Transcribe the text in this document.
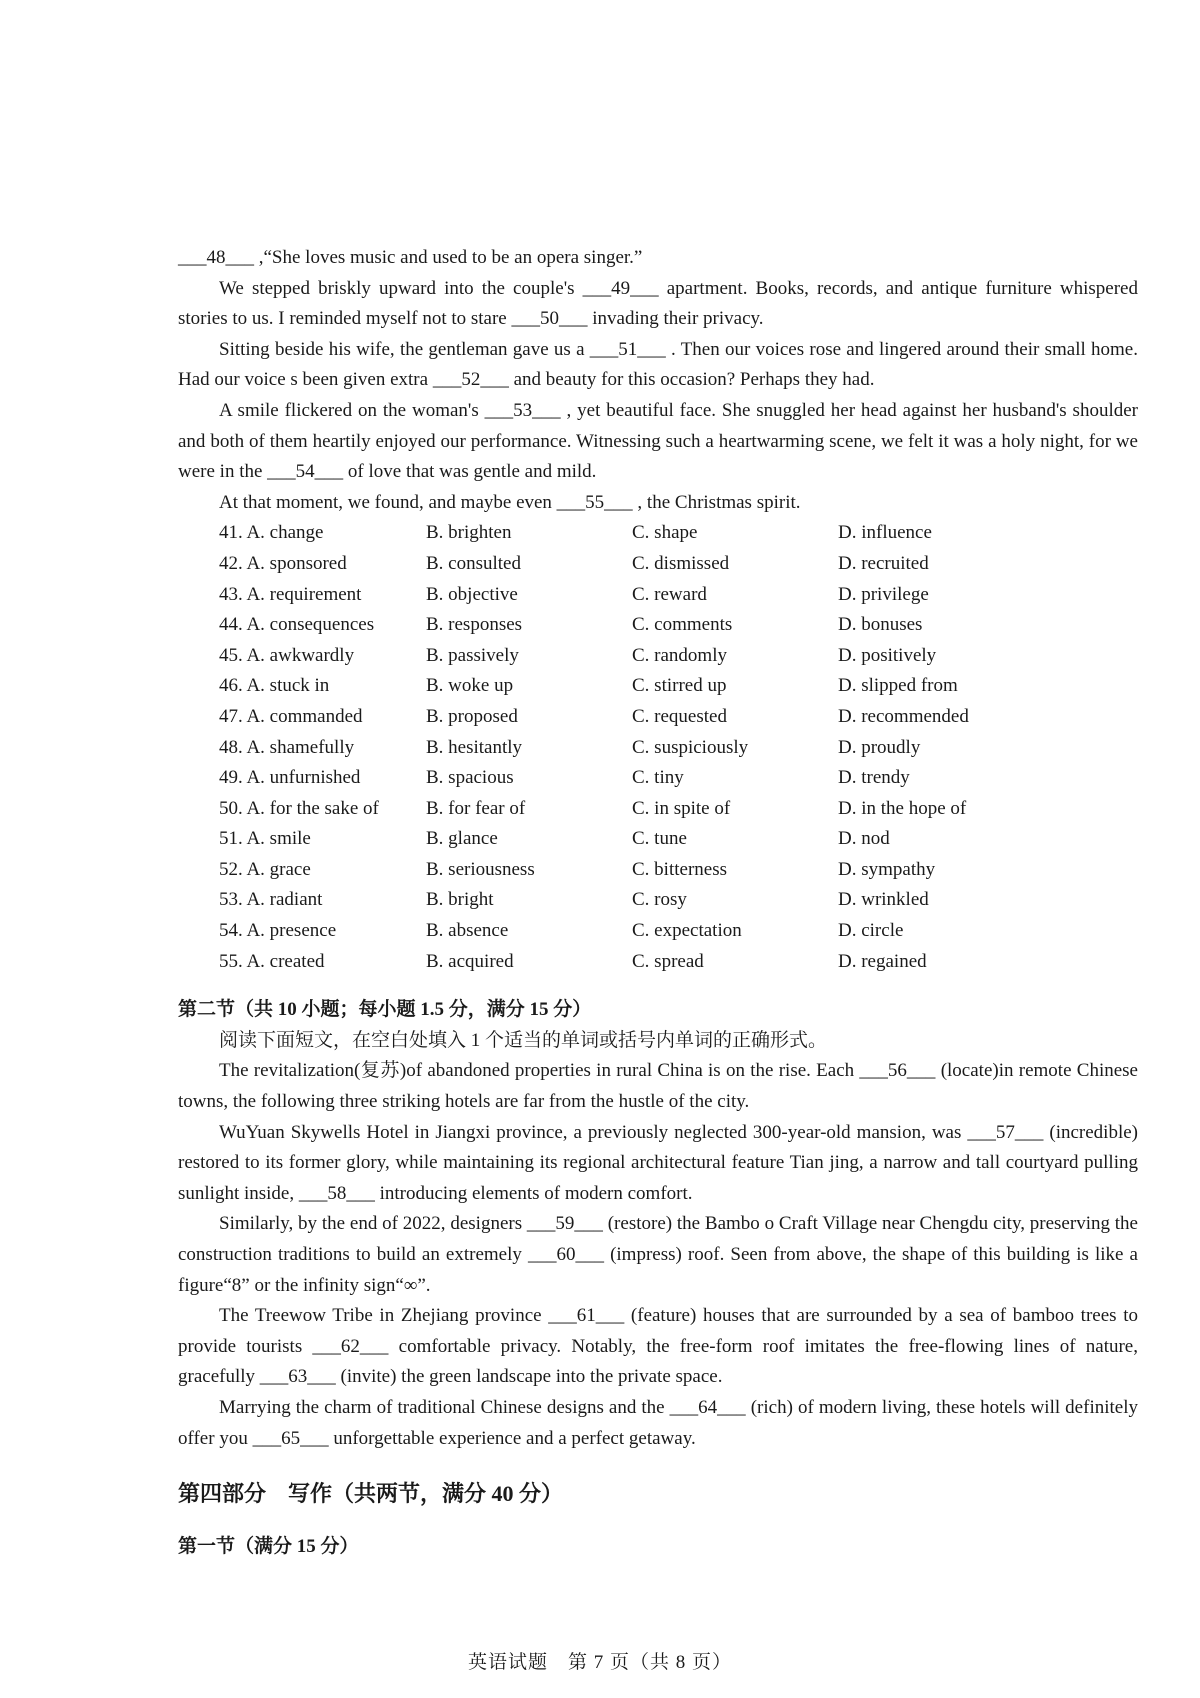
___48___ ,“She loves music and used to be an opera singer.”

We stepped briskly upward into the couple's ___49___ apartment. Books, records, and antique furniture whispered stories to us. I reminded myself not to stare ___50___ invading their privacy.

Sitting beside his wife, the gentleman gave us a ___51___ . Then our voices rose and lingered around their small home. Had our voice s been given extra ___52___ and beauty for this occasion? Perhaps they had.

A smile flickered on the woman's ___53___ , yet beautiful face. She snuggled her head against her husband's shoulder and both of them heartily enjoyed our performance. Witnessing such a heartwarming scene, we felt it was a holy night, for we were in the ___54___ of love that was gentle and mild.

At that moment, we found, and maybe even ___55___ , the Christmas spirit.

41. A. change	B. brighten	C. shape	D. influence
42. A. sponsored	B. consulted	C. dismissed	D. recruited
43. A. requirement	B. objective	C. reward	D. privilege
44. A. consequences	B. responses	C. comments	D. bonuses
45. A. awkwardly	B. passively	C. randomly	D. positively
46. A. stuck in	B. woke up	C. stirred up	D. slipped from
47. A. commanded	B. proposed	C. requested	D. recommended
48. A. shamefully	B. hesitantly	C. suspiciously	D. proudly
49. A. unfurnished	B. spacious	C. tiny	D. trendy
50. A. for the sake of	B. for fear of	C. in spite of	D. in the hope of
51. A. smile	B. glance	C. tune	D. nod
52. A. grace	B. seriousness	C. bitterness	D. sympathy
53. A. radiant	B. bright	C. rosy	D. wrinkled
54. A. presence	B. absence	C. expectation	D. circle
55. A. created	B. acquired	C. spread	D. regained
第二节（共 10 小题；每小题 1.5 分，满分 15 分）

阅读下面短文，在空白处填入 1 个适当的单词或括号内单词的正确形式。

The revitalization(复苏)of abandoned properties in rural China is on the rise. Each ___56___ (locate)in remote Chinese towns, the following three striking hotels are far from the hustle of the city.

WuYuan Skywells Hotel in Jiangxi province, a previously neglected 300-year-old mansion, was ___57___ (incredible) restored to its former glory, while maintaining its regional architectural feature Tian jing, a narrow and tall courtyard pulling sunlight inside, ___58___ introducing elements of modern comfort.

Similarly, by the end of 2022, designers ___59___ (restore) the Bambo o Craft Village near Chengdu city, preserving the construction traditions to build an extremely ___60___ (impress) roof. Seen from above, the shape of this building is like a figure“8” or the infinity sign“∞”.

The Treewow Tribe in Zhejiang province ___61___ (feature) houses that are surrounded by a sea of bamboo trees to provide tourists ___62___ comfortable privacy. Notably, the free-form roof imitates the free-flowing lines of nature, gracefully ___63___ (invite) the green landscape into the private space.

Marrying the charm of traditional Chinese designs and the ___64___ (rich) of modern living, these hotels will definitely offer you ___65___ unforgettable experience and a perfect getaway.

第四部分　写作（共两节，满分 40 分）
第一节（满分 15 分）
英语试题　第 7 页（共 8 页）
